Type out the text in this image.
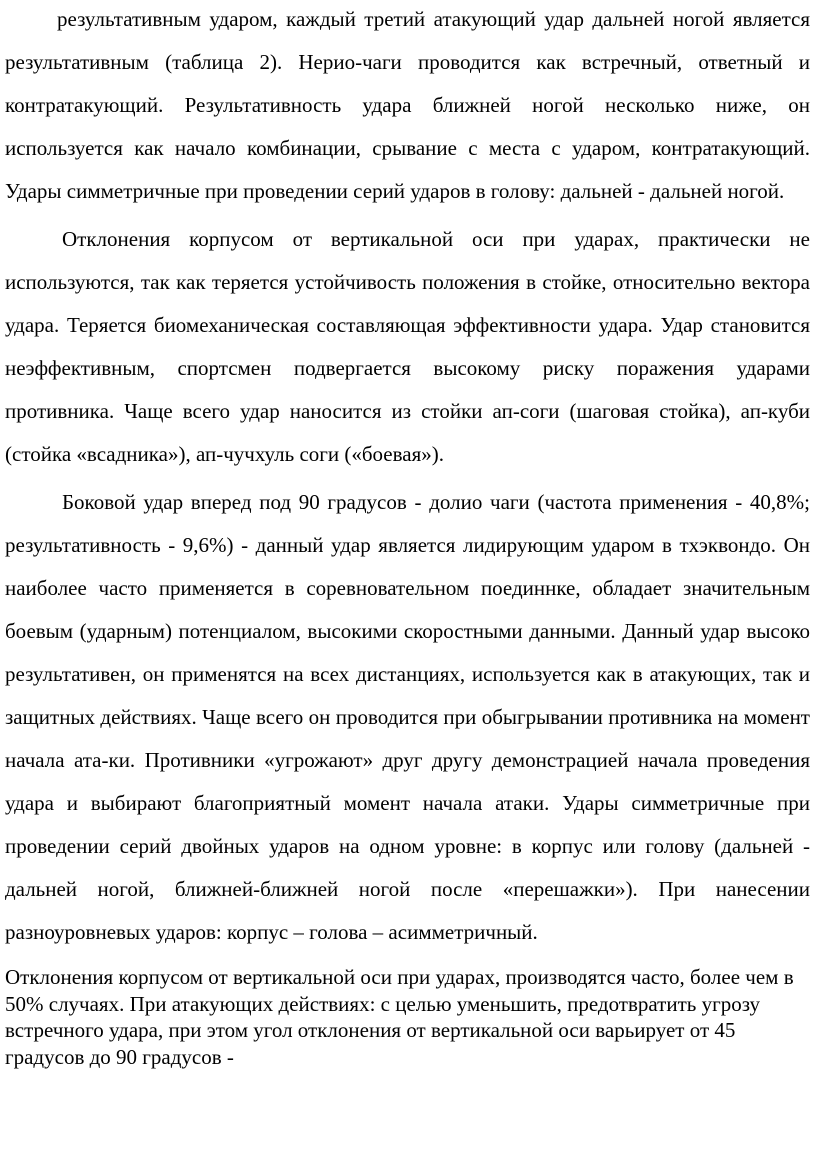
результативным ударом, каждый третий атакующий удар дальней ногой является результативным (таблица 2). Нерио-чаги проводится как встречный, ответный и контратакующий. Результативность удара ближней ногой несколько ниже, он используется как начало комбинации, срывание с места с ударом, контратакующий. Удары симметричные при проведении серий ударов в голову: дальней - дальней ногой.

Отклонения корпусом от вертикальной оси при ударах, практически не используются, так как теряется устойчивость положения в стойке, относительно вектора удара. Теряется биомеханическая составляющая эффективности удара. Удар становится неэффективным, спортсмен подвергается высокому риску поражения ударами противника. Чаще всего удар наносится из стойки ап-соги (шаговая стойка), ап-куби (стойка «всадника»), ап-чучхуль соги («боевая»).

Боковой удар вперед под 90 градусов - долио чаги (частота применения - 40,8%; результативность - 9,6%) - данный удар является лидирующим ударом в тхэквондо. Он наиболее часто применяется в соревновательном поединнке, обладает значительным боевым (ударным) потенциалом, высокими скоростными данными. Данный удар высоко результативен, он применятся на всех дистанциях, используется как в атакующих, так и защитных действиях. Чаще всего он проводится при обыгрывании противника на момент начала ата-ки. Противники «угрожают» друг другу демонстрацией начала проведения удара и выбирают благоприятный момент начала атаки. Удары симметричные при проведении серий двойных ударов на одном уровне: в корпус или голову (дальней - дальней ногой, ближней-ближней ногой после «перешажки»). При нанесении разноуровневых ударов: корпус – голова – асимметричный.

Отклонения корпусом от вертикальной оси при ударах, производятся часто, более чем в 50% случаях. При атакующих действиях: с целью уменьшить, предотвратить угрозу встречного удара, при этом угол отклонения от вертикальной оси варьирует от 45 градусов до 90 градусов -
